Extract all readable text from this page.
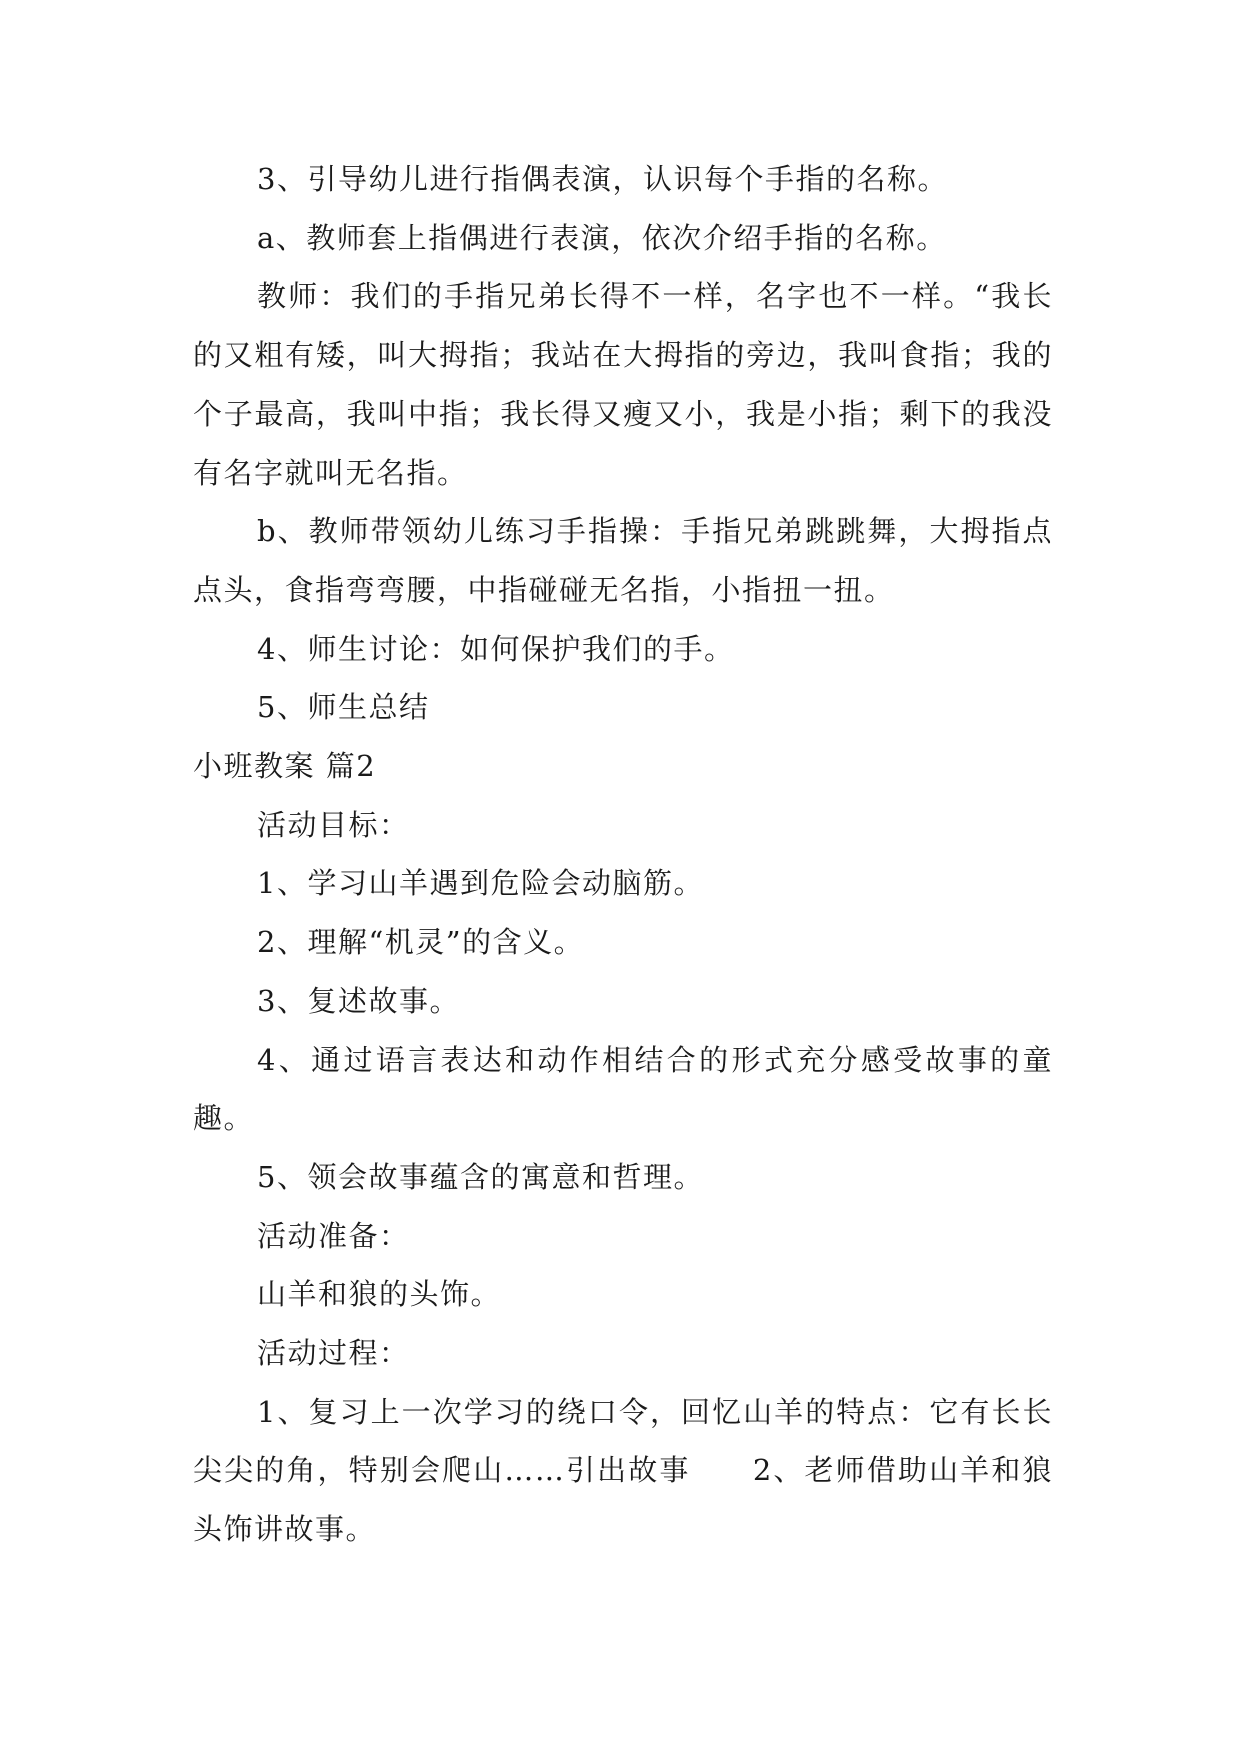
3、引导幼儿进行指偶表演，认识每个手指的名称。

a、教师套上指偶进行表演，依次介绍手指的名称。

教师：我们的手指兄弟长得不一样，名字也不一样。“我长的又粗有矮，叫大拇指；我站在大拇指的旁边，我叫食指；我的个子最高，我叫中指；我长得又瘦又小，我是小指；剩下的我没有名字就叫无名指。

b、教师带领幼儿练习手指操：手指兄弟跳跳舞，大拇指点点头，食指弯弯腰，中指碰碰无名指，小指扭一扭。

4、师生讨论：如何保护我们的手。

5、师生总结

小班教案 篇2

活动目标：

1、学习山羊遇到危险会动脑筋。

2、理解“机灵”的含义。

3、复述故事。

4、通过语言表达和动作相结合的形式充分感受故事的童趣。

5、领会故事蕴含的寓意和哲理。

活动准备：

山羊和狼的头饰。

活动过程：

1、复习上一次学习的绕口令，回忆山羊的特点：它有长长尖尖的角，特别会爬山……引出故事　　2、老师借助山羊和狼头饰讲故事。
